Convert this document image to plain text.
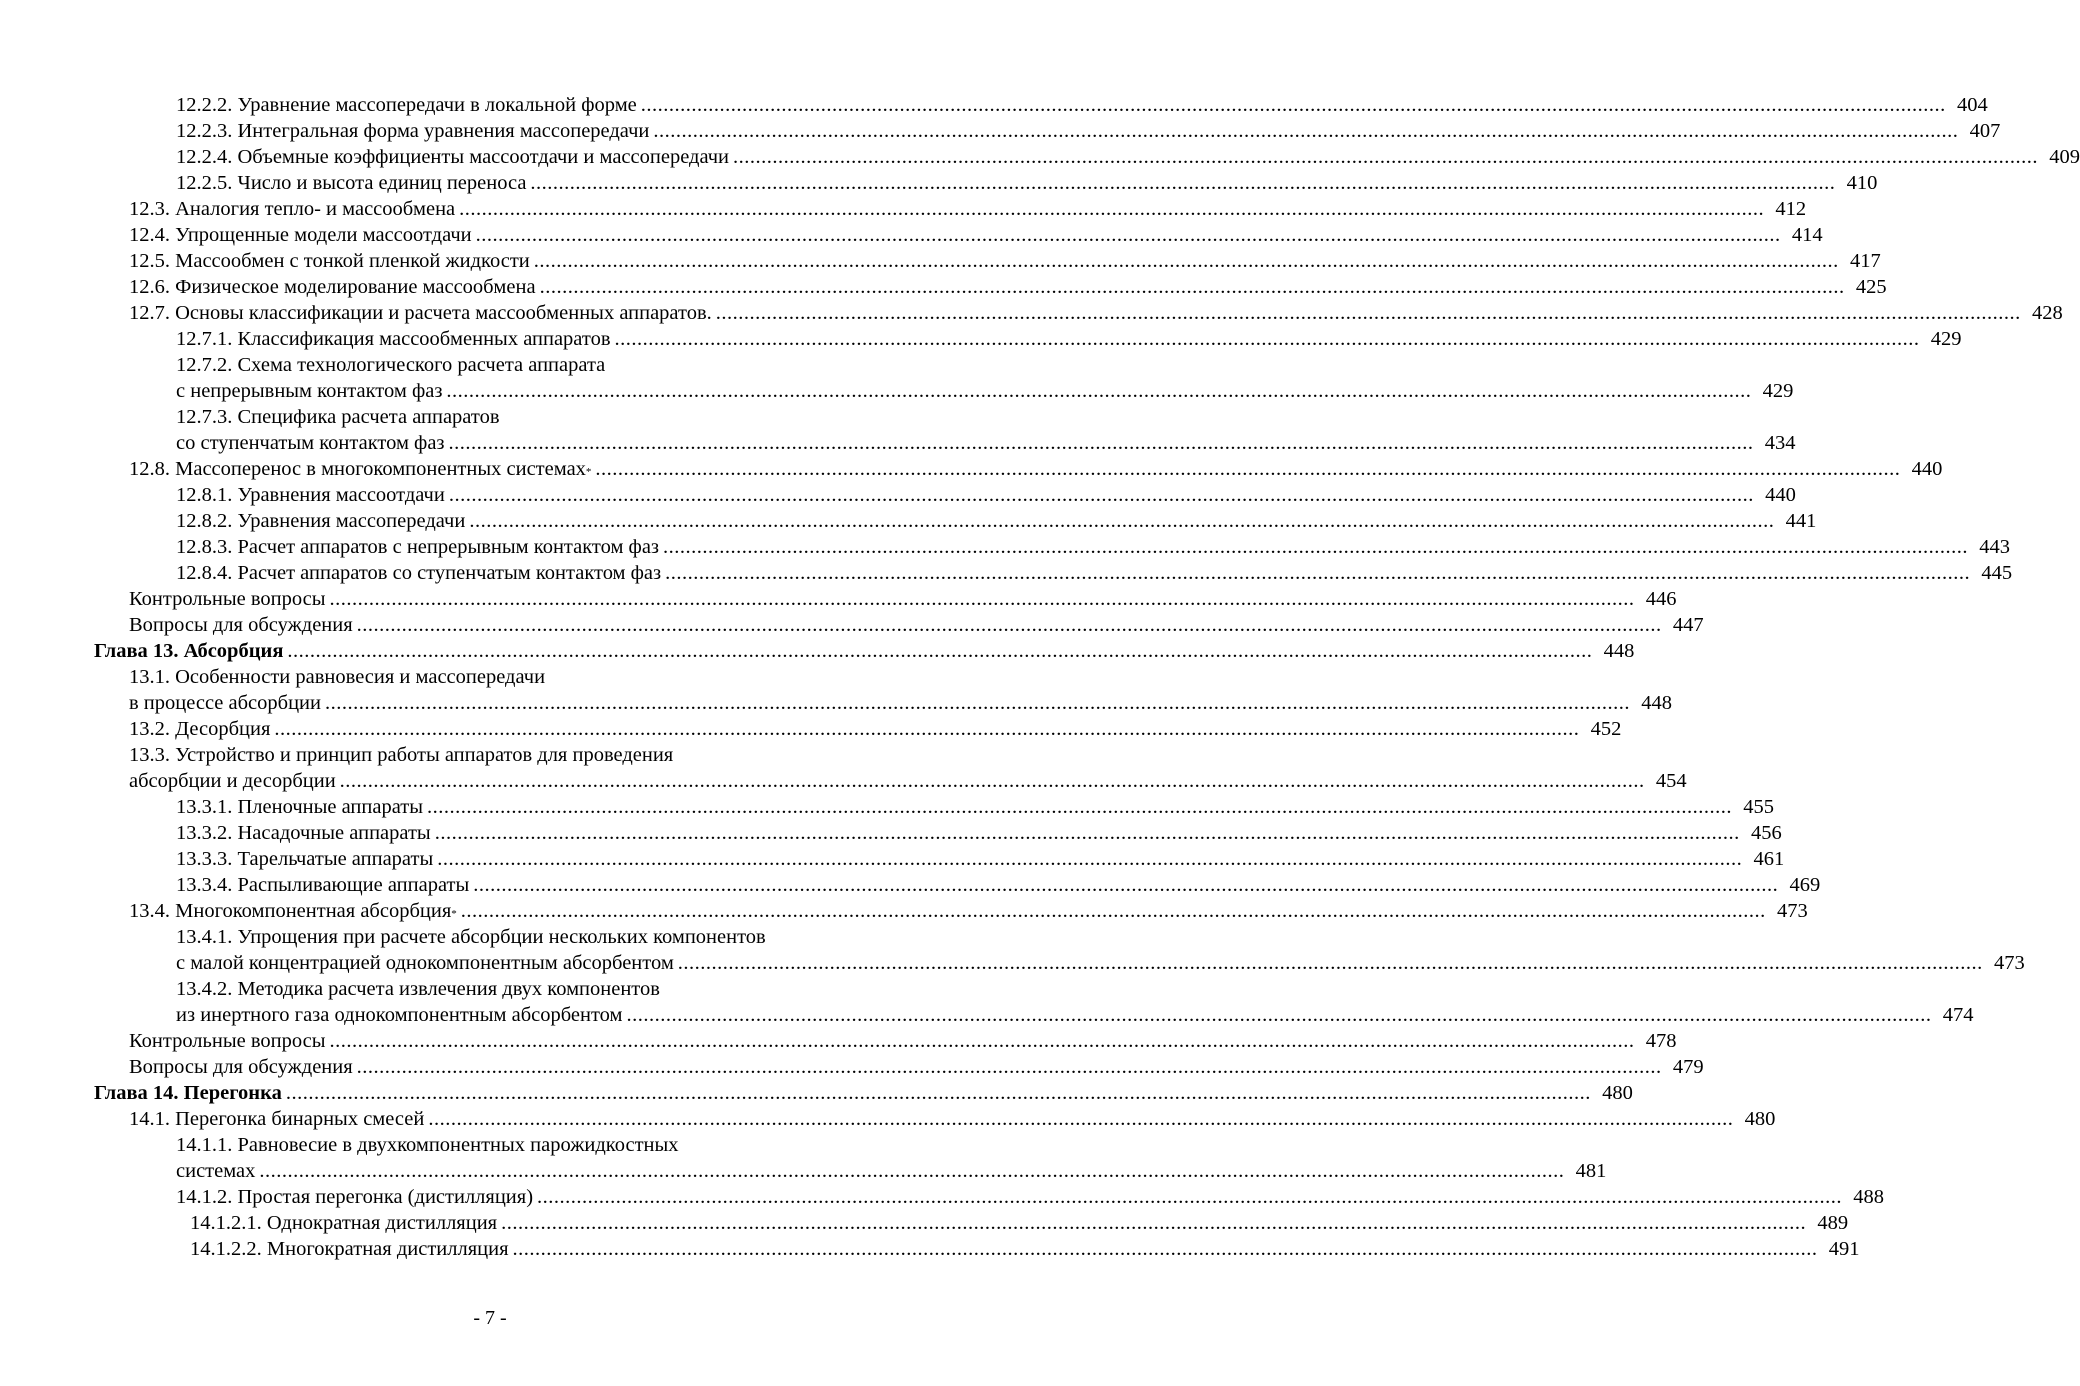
12.2.2. Уравнение массопередачи в локальной форме .....	404
12.2.3. Интегральная форма уравнения массопередачи .....	407
12.2.4. Объемные коэффициенты массоотдачи и массопередачи .....	409
12.2.5. Число и высота единиц переноса .....	410
12.3. Аналогия тепло- и массообмена .....	412
12.4. Упрощенные модели массоотдачи .....	414
12.5. Массообмен с тонкой пленкой жидкости .....	417
12.6. Физическое моделирование массообмена .....	425
12.7. Основы классификации и расчета массообменных аппаратов. .....	428
12.7.1. Классификация массообменных аппаратов .....	429
12.7.2. Схема технологического расчета аппарата
с непрерывным контактом фаз .....	429
12.7.3. Специфика расчета аппаратов
со ступенчатым контактом фаз .....	434
12.8. Массоперенос в многокомпонентных системах * .....	440
12.8.1. Уравнения массоотдачи .....	440
12.8.2. Уравнения массопередачи .....	441
12.8.3. Расчет аппаратов с непрерывным контактом фаз .....	443
12.8.4. Расчет аппаратов со ступенчатым контактом фаз .....	445
Контрольные вопросы .....	446
Вопросы для обсуждения .....	447
Глава 13. Абсорбция .....	448
13.1. Особенности равновесия и массопередачи
в процессе абсорбции .....	448
13.2. Десорбция .....	452
13.3. Устройство и принцип работы аппаратов для проведения
абсорбции и десорбции .....	454
13.3.1. Пленочные аппараты .....	455
13.3.2. Насадочные аппараты .....	456
13.3.3. Тарельчатые аппараты .....	461
13.3.4. Распыливающие аппараты .....	469
13.4. Многокомпонентная абсорбция * .....	473
13.4.1. Упрощения при расчете абсорбции нескольких компонентов
с малой концентрацией однокомпонентным абсорбентом .....	473
13.4.2. Методика расчета извлечения двух компонентов
из инертного газа однокомпонентным абсорбентом .....	474
Контрольные вопросы .....	478
Вопросы для обсуждения .....	479
Глава 14. Перегонка .....	480
14.1. Перегонка бинарных смесей .....	480
14.1.1. Равновесие в двухкомпонентных парожидкостных
системах .....	481
14.1.2. Простая перегонка (дистилляция) .....	488
14.1.2.1. Однократная дистилляция .....	489
14.1.2.2. Многократная дистилляция .....	491
- 7 -
